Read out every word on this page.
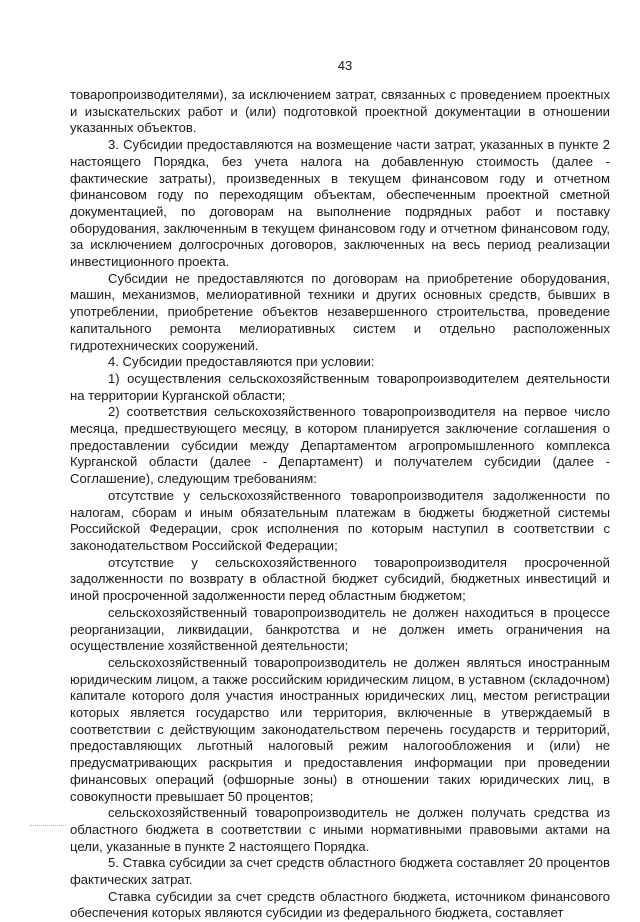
43

товаропроизводителями), за исключением затрат, связанных с проведением проектных и изыскательских работ и (или) подготовкой проектной документации в отношении указанных объектов.

3. Субсидии предоставляются на возмещение части затрат, указанных в пункте 2 настоящего Порядка, без учета налога на добавленную стоимость (далее - фактические затраты), произведенных в текущем финансовом году и отчетном финансовом году по переходящим объектам, обеспеченным проектной сметной документацией, по договорам на выполнение подрядных работ и поставку оборудования, заключенным в текущем финансовом году и отчетном финансовом году, за исключением долгосрочных договоров, заключенных на весь период реализации инвестиционного проекта.

Субсидии не предоставляются по договорам на приобретение оборудования, машин, механизмов, мелиоративной техники и других основных средств, бывших в употреблении, приобретение объектов незавершенного строительства, проведение капитального ремонта мелиоративных систем и отдельно расположенных гидротехнических сооружений.

4. Субсидии предоставляются при условии:

1) осуществления сельскохозяйственным товаропроизводителем деятельности на территории Курганской области;

2) соответствия сельскохозяйственного товаропроизводителя на первое число месяца, предшествующего месяцу, в котором планируется заключение соглашения о предоставлении субсидии между Департаментом агропромышленного комплекса Курганской области (далее - Департамент) и получателем субсидии (далее - Соглашение), следующим требованиям:

отсутствие у сельскохозяйственного товаропроизводителя задолженности по налогам, сборам и иным обязательным платежам в бюджеты бюджетной системы Российской Федерации, срок исполнения по которым наступил в соответствии с законодательством Российской Федерации;

отсутствие у сельскохозяйственного товаропроизводителя просроченной задолженности по возврату в областной бюджет субсидий, бюджетных инвестиций и иной просроченной задолженности перед областным бюджетом;

сельскохозяйственный товаропроизводитель не должен находиться в процессе реорганизации, ликвидации, банкротства и не должен иметь ограничения на осуществление хозяйственной деятельности;

сельскохозяйственный товаропроизводитель не должен являться иностранным юридическим лицом, а также российским юридическим лицом, в уставном (складочном) капитале которого доля участия иностранных юридических лиц, местом регистрации которых является государство или территория, включенные в утверждаемый в соответствии с действующим законодательством перечень государств и территорий, предоставляющих льготный налоговый режим налогообложения и (или) не предусматривающих раскрытия и предоставления информации при проведении финансовых операций (офшорные зоны) в отношении таких юридических лиц, в совокупности превышает 50 процентов;

сельскохозяйственный товаропроизводитель не должен получать средства из областного бюджета в соответствии с иными нормативными правовыми актами на цели, указанные в пункте 2 настоящего Порядка.

5. Ставка субсидии за счет средств областного бюджета составляет 20 процентов фактических затрат.

Ставка субсидии за счет средств областного бюджета, источником финансового обеспечения которых являются субсидии из федерального бюджета, составляет
